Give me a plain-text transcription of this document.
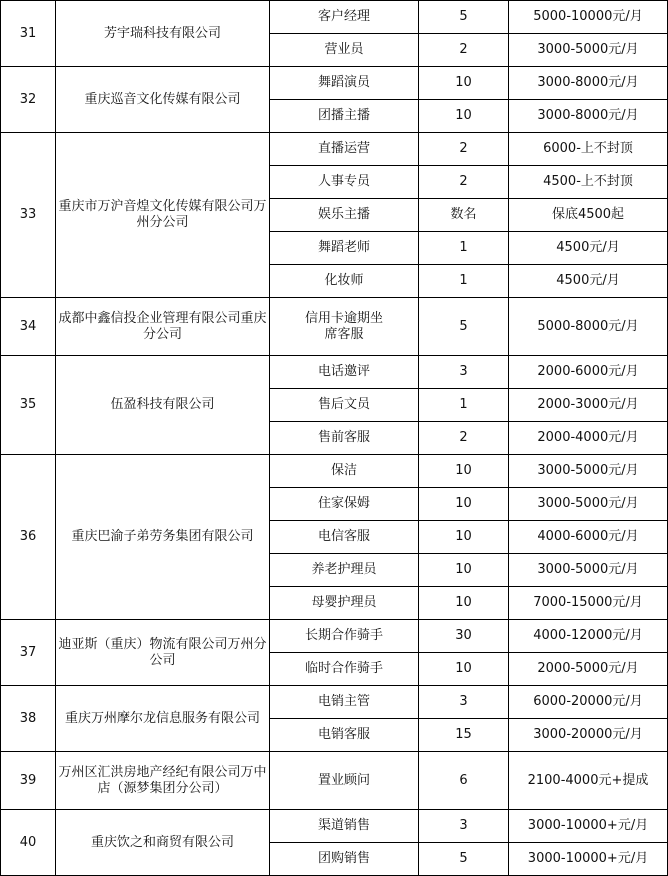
31	芳宇瑞科技有限公司	客户经理	5	5000-10000元/月
		营业员	2	3000-5000元/月
32	重庆巡音文化传媒有限公司	舞蹈演员	10	3000-8000元/月
		团播主播	10	3000-8000元/月
33	重庆市万沪音煌文化传媒有限公司万州分公司	直播运营	2	6000-上不封顶
		人事专员	2	4500-上不封顶
		娱乐主播	数名	保底4500起
		舞蹈老师	1	4500元/月
		化妆师	1	4500元/月
34	成都中鑫信投企业管理有限公司重庆分公司	信用卡逾期坐席客服	5	5000-8000元/月
35	伍盈科技有限公司	电话邀评	3	2000-6000元/月
		售后文员	1	2000-3000元/月
		售前客服	2	2000-4000元/月
36	重庆巴渝子弟劳务集团有限公司	保洁	10	3000-5000元/月
		住家保姆	10	3000-5000元/月
		电信客服	10	4000-6000元/月
		养老护理员	10	3000-5000元/月
		母婴护理员	10	7000-15000元/月
37	迪亚斯（重庆）物流有限公司万州分公司	长期合作骑手	30	4000-12000元/月
		临时合作骑手	10	2000-5000元/月
38	重庆万州摩尔龙信息服务有限公司	电销主管	3	6000-20000元/月
		电销客服	15	3000-20000元/月
39	万州区汇洪房地产经纪有限公司万中店（源梦集团分公司）	置业顾问	6	2100-4000元+提成
40	重庆饮之和商贸有限公司	渠道销售	3	3000-10000+元/月
		团购销售	5	3000-10000+元/月
